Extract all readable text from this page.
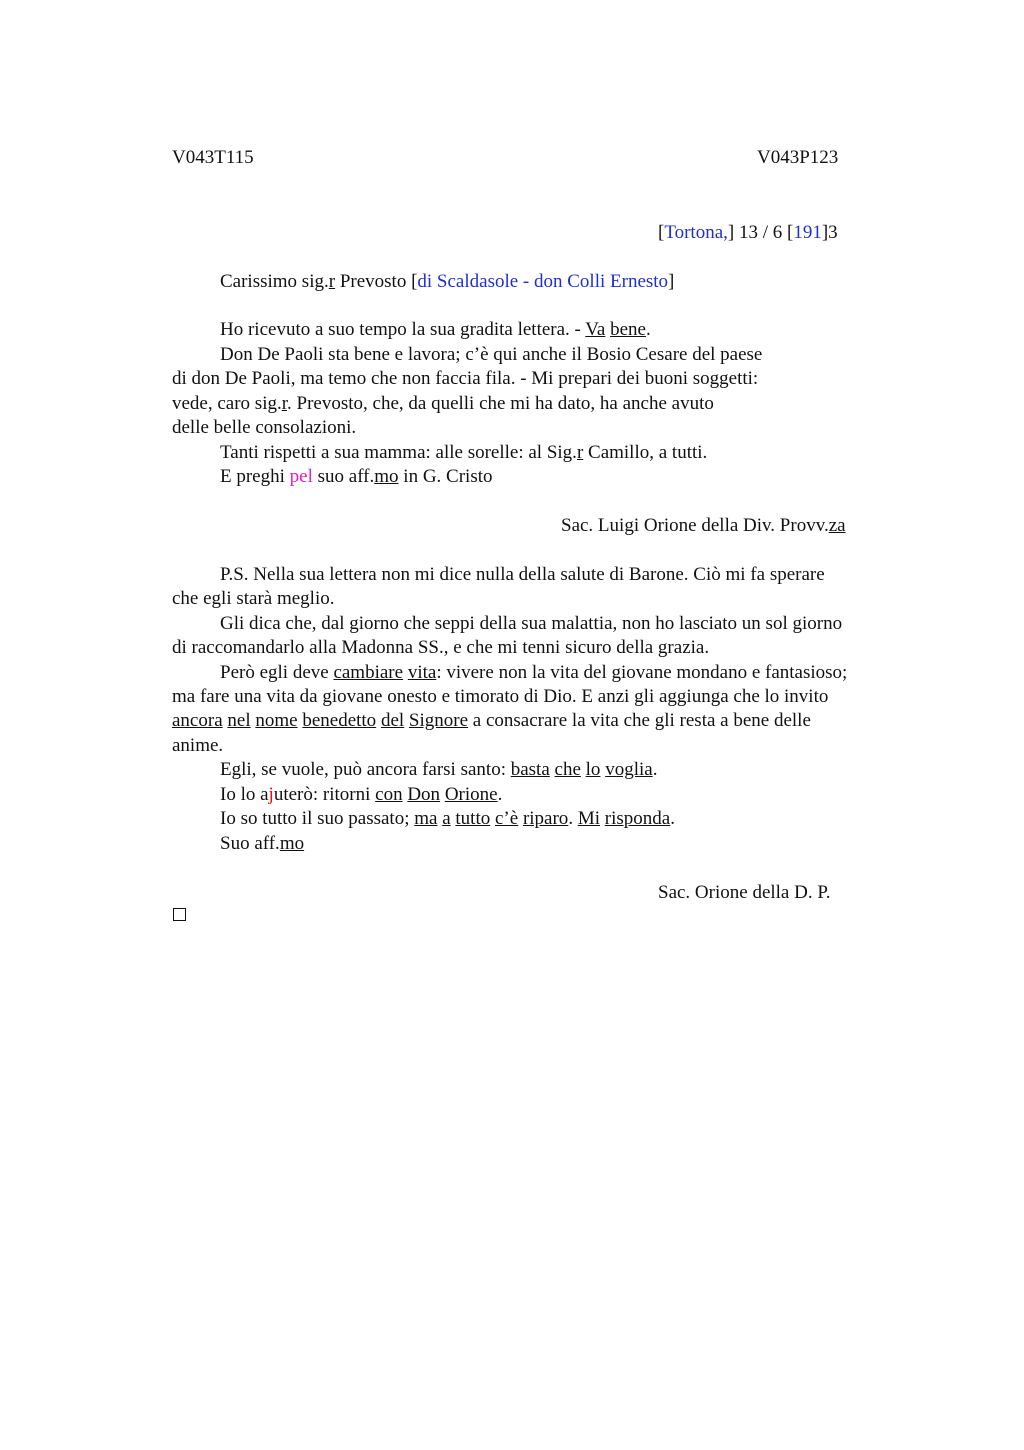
V043T115	V043P123
[Tortona,] 13 / 6 [191]3
Carissimo sig.r Prevosto [di Scaldasole - don Colli Ernesto]
Ho ricevuto a suo tempo la sua gradita lettera. - Va bene.
Don De Paoli sta bene e lavora; c’è qui anche il Bosio Cesare del paese
di don De Paoli, ma temo che non faccia fila. - Mi prepari dei buoni soggetti:
vede, caro sig.r. Prevosto, che, da quelli che mi ha dato, ha anche avuto
delle belle consolazioni.
Tanti rispetti a sua mamma: alle sorelle: al Sig.r Camillo, a tutti.
E preghi pel suo aff.mo in G. Cristo
Sac. Luigi Orione della Div. Provv.za
P.S. Nella sua lettera non mi dice nulla della salute di Barone. Ciò mi fa sperare
che egli starà meglio.
Gli dica che, dal giorno che seppi della sua malattia, non ho lasciato un sol giorno
di raccomandarlo alla Madonna SS., e che mi tenni sicuro della grazia.
Però egli deve cambiare vita: vivere non la vita del giovane mondano e fantasioso;
ma fare una vita da giovane onesto e timorato di Dio. E anzi gli aggiunga che lo invito
ancora nel nome benedetto del Signore a consacrare la vita che gli resta a bene delle
anime.
Egli, se vuole, può ancora farsi santo: basta che lo voglia.
Io lo ajuterò: ritorni con Don Orione.
Io so tutto il suo passato; ma a tutto c’è riparo. Mi risponda.
Suo aff.mo
Sac. Orione della D. P.
